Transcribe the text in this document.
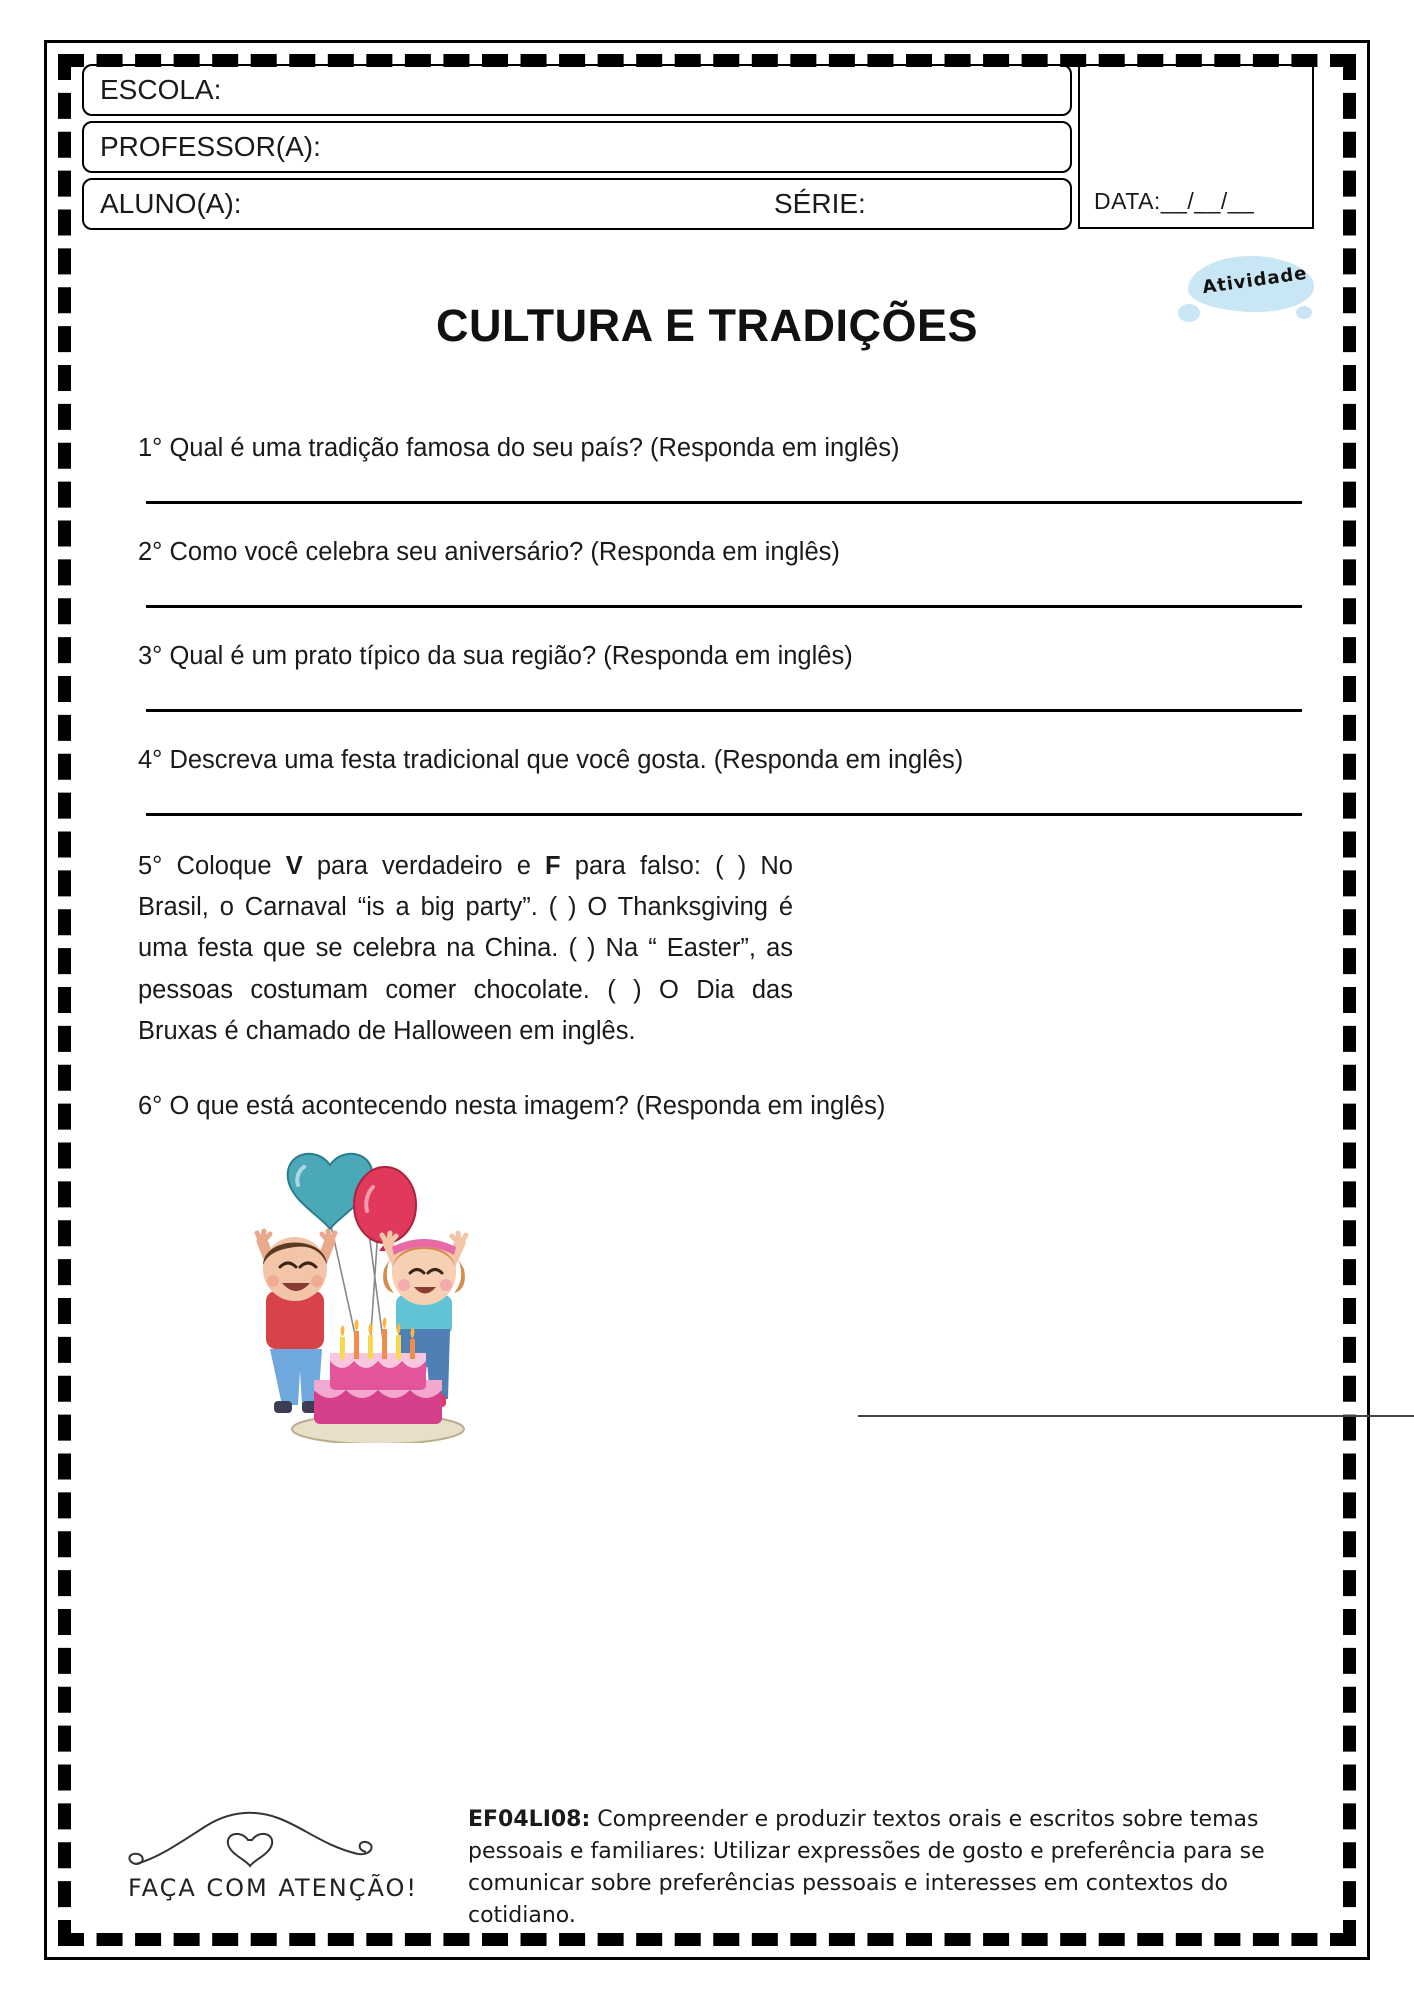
ESCOLA:
PROFESSOR(A):
ALUNO(A):	SÉRIE:	DATA:__/__/__
Atividade
CULTURA E TRADIÇÕES
1° Qual é uma tradição famosa do seu país? (Responda em inglês)
2° Como você celebra seu aniversário? (Responda em inglês)
3° Qual é um prato típico da sua região? (Responda em inglês)
4° Descreva uma festa tradicional que você gosta. (Responda em inglês)
5° Coloque V para verdadeiro e F para falso: ( ) No Brasil, o Carnaval “is a big party”. ( ) O Thanksgiving é uma festa que se celebra na China. ( ) Na “ Easter”, as pessoas costumam comer chocolate. ( ) O Dia das Bruxas é chamado de Halloween em inglês.
6° O que está acontecendo nesta imagem? (Responda em inglês)
FAÇA COM ATENÇÃO!
EF04LI08: Compreender e produzir textos orais e escritos sobre temas pessoais e familiares: Utilizar expressões de gosto e preferência para se comunicar sobre preferências pessoais e interesses em contextos do cotidiano.
